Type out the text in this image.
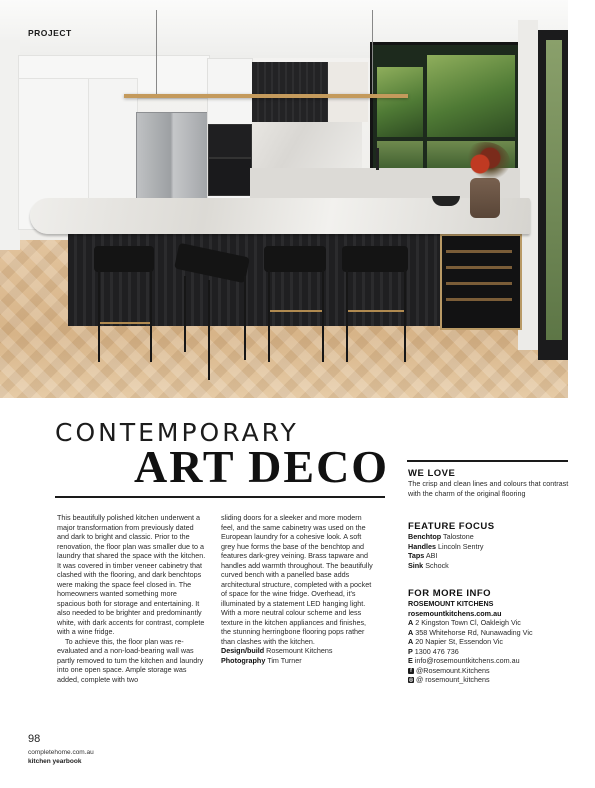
PROJECT
CONTEMPORARY
ART DECO

This beautifully polished kitchen underwent a major transformation from previously dated and dark to bright and classic. Prior to the renovation, the floor plan was smaller due to a laundry that shared the space with the kitchen. It was covered in timber veneer cabinetry that clashed with the flooring, and dark benchtops were making the space feel closed in. The homeowners wanted something more spacious both for storage and entertaining. It also needed to be brighter and predominantly white, with dark accents for contrast, complete with a wine fridge.

To achieve this, the floor plan was re-evaluated and a non-load-bearing wall was partly removed to turn the kitchen and laundry into one open space. Ample storage was added, complete with two

sliding doors for a sleeker and more modern feel, and the same cabinetry was used on the European laundry for a cohesive look. A soft grey hue forms the base of the benchtop and features dark-grey veining. Brass tapware and handles add warmth throughout. The beautifully curved bench with a panelled base adds architectural structure, completed with a pocket of space for the wine fridge. Overhead, it's illuminated by a statement LED hanging light. With a more neutral colour scheme and less texture in the kitchen appliances and finishes, the stunning herringbone flooring pops rather than clashes with the kitchen.

Design/build Rosemount Kitchens

Photography Tim Turner

WE LOVE
The crisp and clean lines and colours that contrast with the charm of the original flooring
FEATURE FOCUS
Benchtop Talostone
Handles Lincoln Sentry
Taps ABI
Sink Schock
FOR MORE INFO
ROSEMOUNT KITCHENS
rosemountkitchens.com.au
A 2 Kingston Town Cl, Oakleigh Vic
A 358 Whitehorse Rd, Nunawading Vic
A 20 Napier St, Essendon Vic
P 1300 476 736
E info@rosemountkitchens.com.au
f @Rosemount.Kitchens
◎ @ rosemount_kitchens
98
completehome.com.au
kitchen yearbook
